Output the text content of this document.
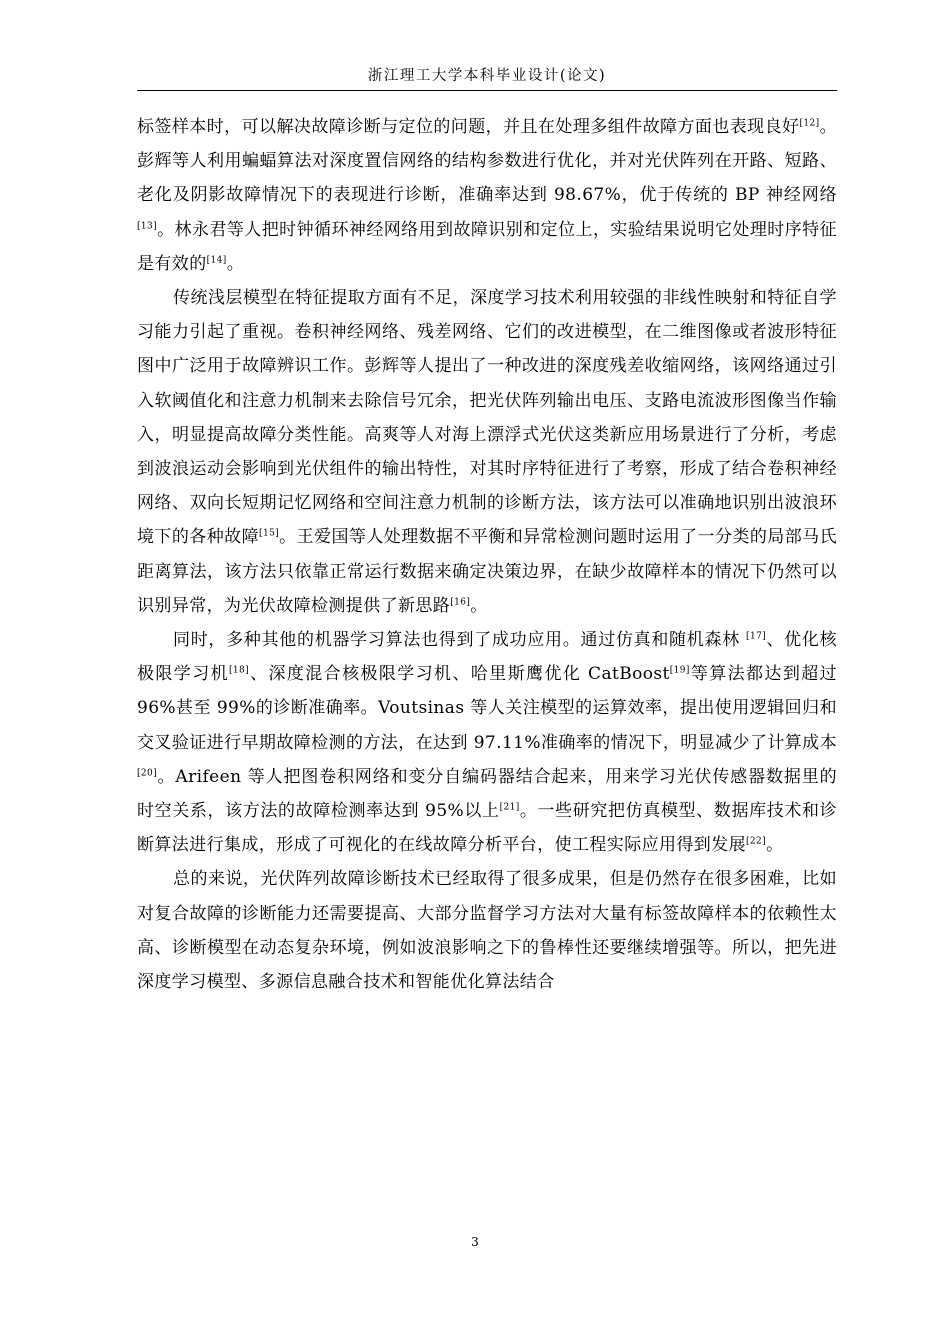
浙江理工大学本科毕业设计(论文)

标签样本时，可以解决故障诊断与定位的问题，并且在处理多组件故障方面也表现良好[12]。彭辉等人利用蝙蝠算法对深度置信网络的结构参数进行优化，并对光伏阵列在开路、短路、老化及阴影故障情况下的表现进行诊断，准确率达到 98.67%，优于传统的 BP 神经网络[13]。林永君等人把时钟循环神经网络用到故障识别和定位上，实验结果说明它处理时序特征是有效的[14]。

传统浅层模型在特征提取方面有不足，深度学习技术利用较强的非线性映射和特征自学习能力引起了重视。卷积神经网络、残差网络、它们的改进模型，在二维图像或者波形特征图中广泛用于故障辨识工作。彭辉等人提出了一种改进的深度残差收缩网络，该网络通过引入软阈值化和注意力机制来去除信号冗余，把光伏阵列输出电压、支路电流波形图像当作输入，明显提高故障分类性能。高爽等人对海上漂浮式光伏这类新应用场景进行了分析，考虑到波浪运动会影响到光伏组件的输出特性，对其时序特征进行了考察，形成了结合卷积神经网络、双向长短期记忆网络和空间注意力机制的诊断方法，该方法可以准确地识别出波浪环境下的各种故障[15]。王爱国等人处理数据不平衡和异常检测问题时运用了一分类的局部马氏距离算法，该方法只依靠正常运行数据来确定决策边界，在缺少故障样本的情况下仍然可以识别异常，为光伏故障检测提供了新思路[16]。

同时，多种其他的机器学习算法也得到了成功应用。通过仿真和随机森林 [17]、优化核极限学习机[18]、深度混合核极限学习机、哈里斯鹰优化 CatBoost[19]等算法都达到超过 96%甚至 99%的诊断准确率。Voutsinas 等人关注模型的运算效率，提出使用逻辑回归和交叉验证进行早期故障检测的方法，在达到 97.11%准确率的情况下，明显减少了计算成本[20]。Arifeen 等人把图卷积网络和变分自编码器结合起来，用来学习光伏传感器数据里的时空关系，该方法的故障检测率达到 95%以上[21]。一些研究把仿真模型、数据库技术和诊断算法进行集成，形成了可视化的在线故障分析平台，使工程实际应用得到发展[22]。

总的来说，光伏阵列故障诊断技术已经取得了很多成果，但是仍然存在很多困难，比如对复合故障的诊断能力还需要提高、大部分监督学习方法对大量有标签故障样本的依赖性太高、诊断模型在动态复杂环境，例如波浪影响之下的鲁棒性还要继续增强等。所以，把先进深度学习模型、多源信息融合技术和智能优化算法结合

3
